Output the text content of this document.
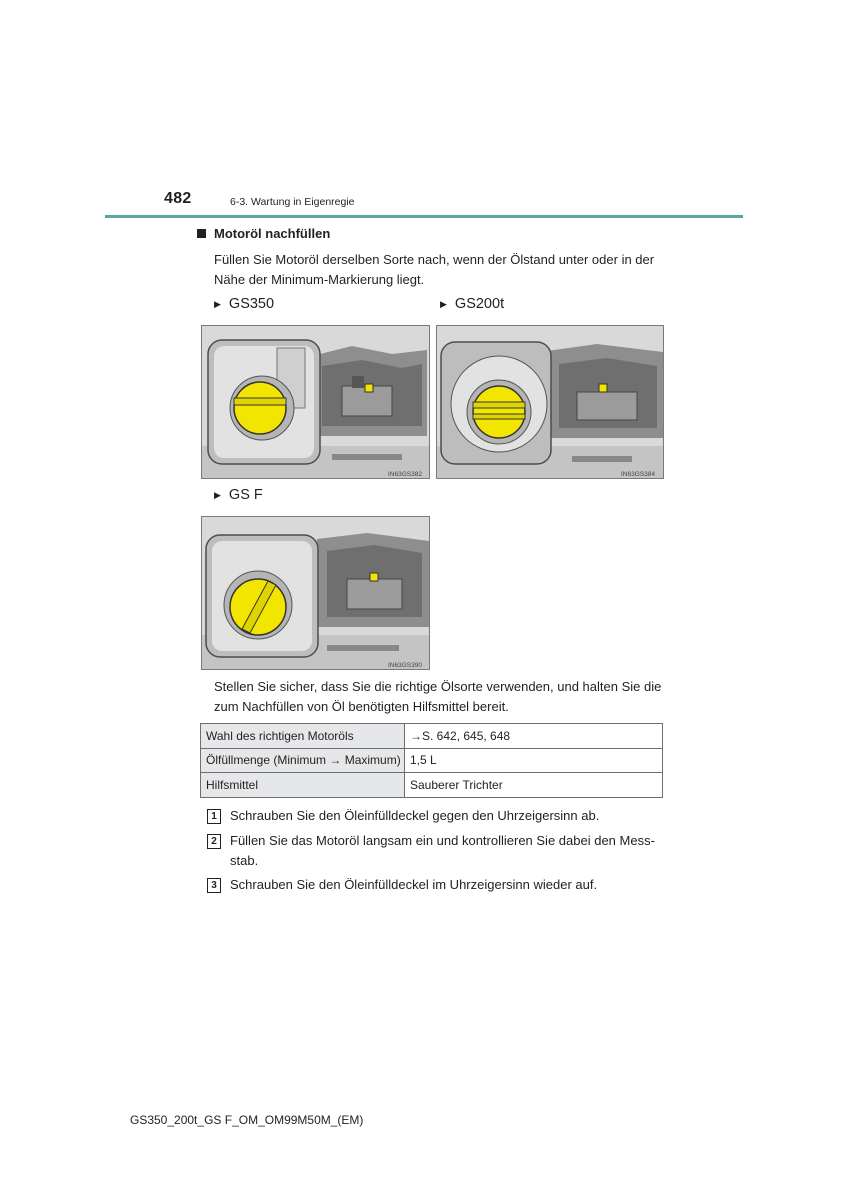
482	6-3. Wartung in Eigenregie
Motoröl nachfüllen
Füllen Sie Motoröl derselben Sorte nach, wenn der Ölstand unter oder in der Nähe der Minimum-Markierung liegt.
▶ GS350	▶ GS200t
IN63GS382	IN63GS384
▶ GS F
IN63GS390
Stellen Sie sicher, dass Sie die richtige Ölsorte verwenden, und halten Sie die zum Nachfüllen von Öl benötigten Hilfsmittel bereit.
Wahl des richtigen Motoröls	→S. 642, 645, 648
Ölfüllmenge (Minimum → Maximum)	1,5 L
Hilfsmittel	Sauberer Trichter
1	Schrauben Sie den Öleinfülldeckel gegen den Uhrzeigersinn ab.
2	Füllen Sie das Motoröl langsam ein und kontrollieren Sie dabei den Mess-stab.
3	Schrauben Sie den Öleinfülldeckel im Uhrzeigersinn wieder auf.
GS350_200t_GS F_OM_OM99M50M_(EM)
